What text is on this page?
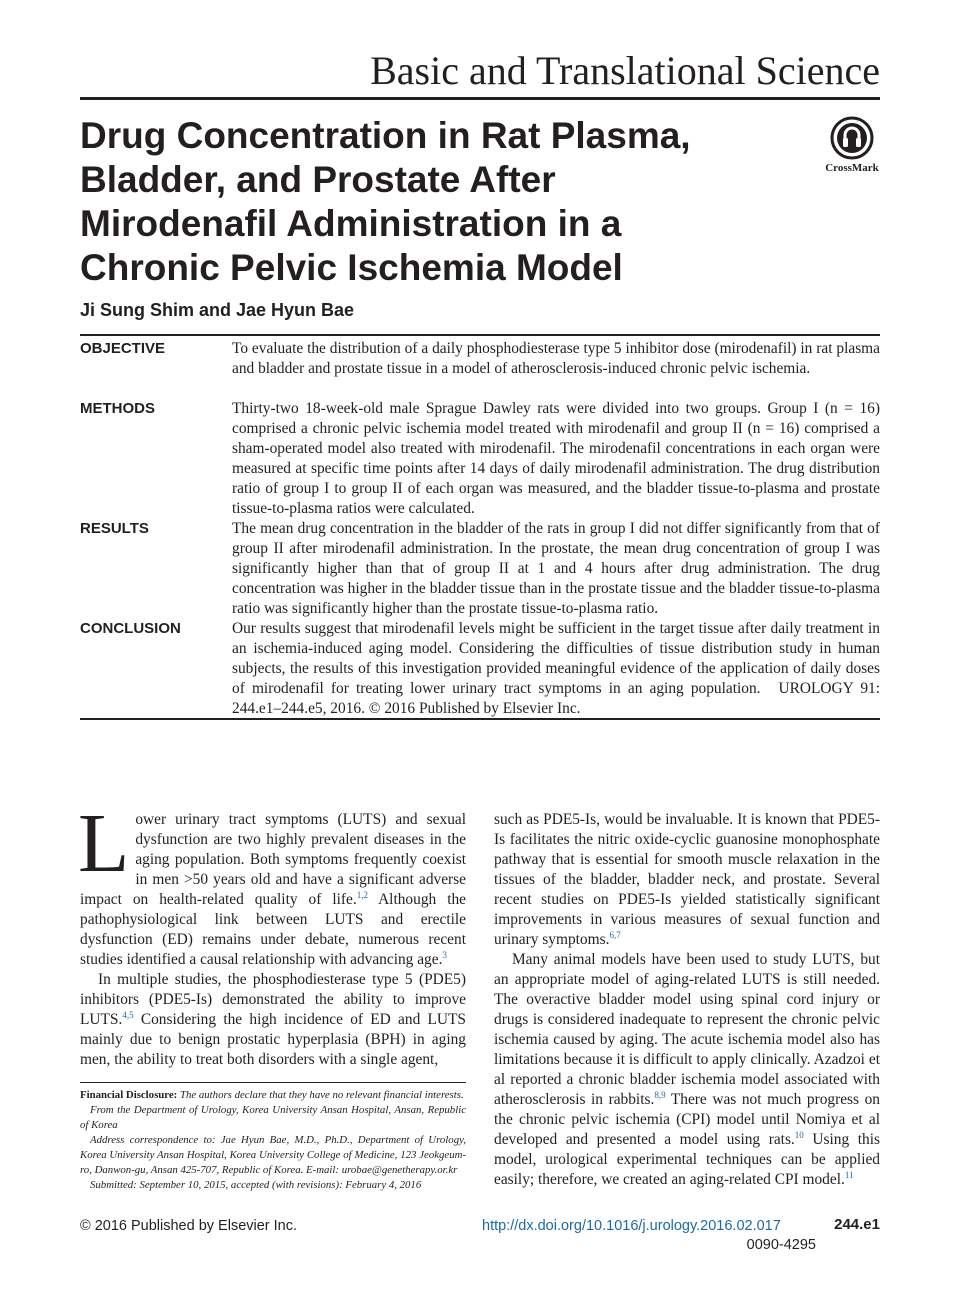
Basic and Translational Science
Drug Concentration in Rat Plasma, Bladder, and Prostate After Mirodenafil Administration in a Chronic Pelvic Ischemia Model
CrossMark
Ji Sung Shim and Jae Hyun Bae
OBJECTIVE	To evaluate the distribution of a daily phosphodiesterase type 5 inhibitor dose (mirodenafil) in rat plasma and bladder and prostate tissue in a model of atherosclerosis-induced chronic pelvic ischemia.

METHODS	Thirty-two 18-week-old male Sprague Dawley rats were divided into two groups. Group I (n = 16) comprised a chronic pelvic ischemia model treated with mirodenafil and group II (n = 16) comprised a sham-operated model also treated with mirodenafil. The mirodenafil concentrations in each organ were measured at specific time points after 14 days of daily mirodenafil administration. The drug distribution ratio of group I to group II of each organ was measured, and the bladder tissue-to-plasma and prostate tissue-to-plasma ratios were calculated.

RESULTS	The mean drug concentration in the bladder of the rats in group I did not differ significantly from that of group II after mirodenafil administration. In the prostate, the mean drug concentration of group I was significantly higher than that of group II at 1 and 4 hours after drug administration. The drug concentration was higher in the bladder tissue than in the prostate tissue and the bladder tissue-to-plasma ratio was significantly higher than the prostate tissue-to-plasma ratio.

CONCLUSION	Our results suggest that mirodenafil levels might be sufficient in the target tissue after daily treatment in an ischemia-induced aging model. Considering the difficulties of tissue distribution study in human subjects, the results of this investigation provided meaningful evidence of the application of daily doses of mirodenafil for treating lower urinary tract symptoms in an aging population. UROLOGY 91: 244.e1–244.e5, 2016. © 2016 Published by Elsevier Inc.

Lower urinary tract symptoms (LUTS) and sexual dysfunction are two highly prevalent diseases in the aging population. Both symptoms frequently coexist in men >50 years old and have a significant adverse impact on health-related quality of life.$^{1,2}$ Although the pathophysiological link between LUTS and erectile dysfunction (ED) remains under debate, numerous recent studies identified a causal relationship with advancing age.$^3$

In multiple studies, the phosphodiesterase type 5 (PDE5) inhibitors (PDE5-Is) demonstrated the ability to improve LUTS.$^{4,5}$ Considering the high incidence of ED and LUTS mainly due to benign prostatic hyperplasia (BPH) in aging men, the ability to treat both disorders with a single agent,

such as PDE5-Is, would be invaluable. It is known that PDE5-Is facilitates the nitric oxide-cyclic guanosine monophosphate pathway that is essential for smooth muscle relaxation in the tissues of the bladder, bladder neck, and prostate. Several recent studies on PDE5-Is yielded statistically significant improvements in various measures of sexual function and urinary symptoms.$^{6,7}$

Many animal models have been used to study LUTS, but an appropriate model of aging-related LUTS is still needed. The overactive bladder model using spinal cord injury or drugs is considered inadequate to represent the chronic pelvic ischemia caused by aging. The acute ischemia model also has limitations because it is difficult to apply clinically. Azadzoi et al reported a chronic bladder ischemia model associated with atherosclerosis in rabbits.$^{8,9}$ There was not much progress on the chronic pelvic ischemia (CPI) model until Nomiya et al developed and presented a model using rats.$^{10}$ Using this model, urological experimental techniques can be applied easily; therefore, we created an aging-related CPI model.$^{11}$

Financial Disclosure: The authors declare that they have no relevant financial interests.

From the Department of Urology, Korea University Ansan Hospital, Ansan, Republic of Korea

Address correspondence to: Jae Hyun Bae, M.D., Ph.D., Department of Urology, Korea University Ansan Hospital, Korea University College of Medicine, 123 Jeokgeum-ro, Danwon-gu, Ansan 425-707, Republic of Korea. E-mail: urobae@genetherapy.or.kr

Submitted: September 10, 2015, accepted (with revisions): February 4, 2016

© 2016 Published by Elsevier Inc.	http://dx.doi.org/10.1016/j.urology.2016.02.017	244.e1
0090-4295
